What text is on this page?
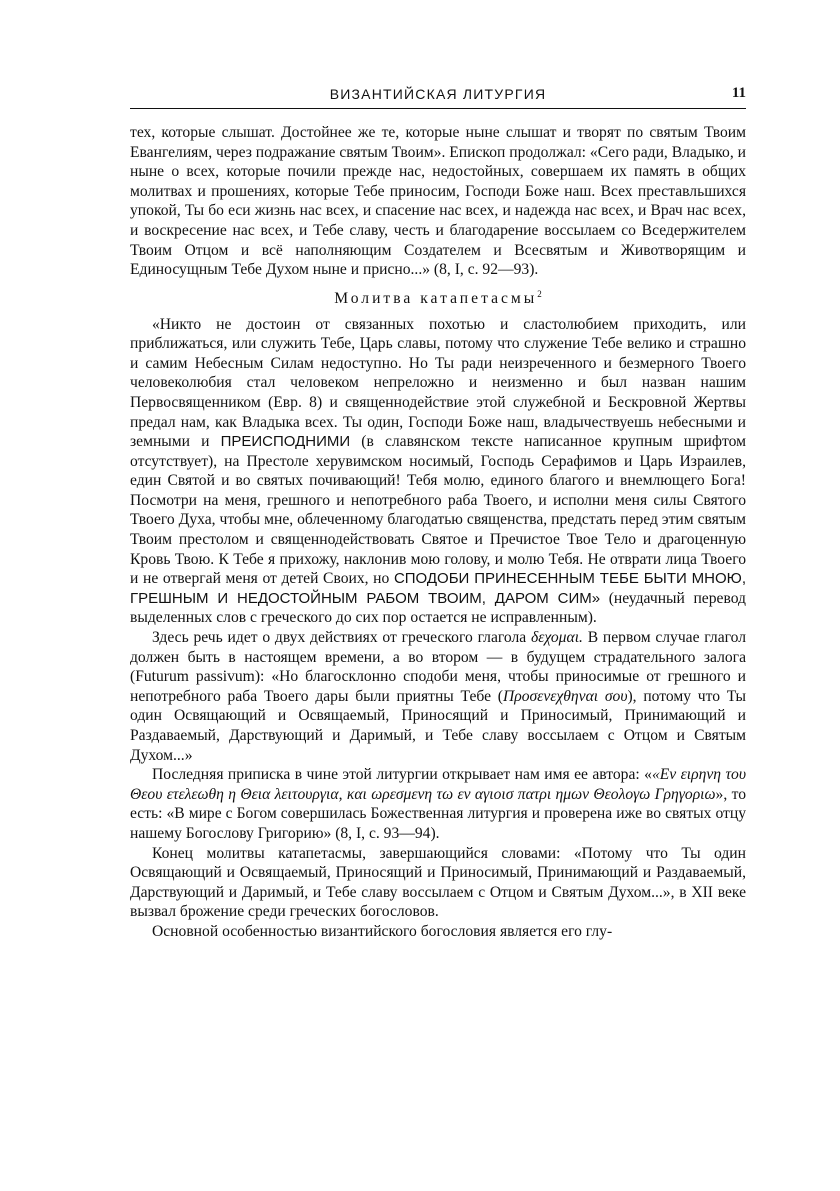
ВИЗАНТИЙСКАЯ ЛИТУРГИЯ	11

тех, которые слышат. Достойнее же те, которые ныне слышат и творят по святым Твоим Евангелиям, через подражание святым Твоим». Епископ продолжал: «Сего ради, Владыко, и ныне о всех, которые почили прежде нас, недостойных, совершаем их память в общих молитвах и прошениях, которые Тебе приносим, Господи Боже наш. Всех преставльшихся упокой, Ты бо еси жизнь нас всех, и спасение нас всех, и надежда нас всех, и Врач нас всех, и воскресение нас всех, и Тебе славу, честь и благодарение воссылаем со Вседержителем Твоим Отцом и всё наполняющим Создателем и Всесвятым и Животворящим и Единосущным Тебе Духом ныне и присно...» (8, I, с. 92—93).

Молитва катапетасмы$^2$

«Никто не достоин от связанных похотью и сластолюбием приходить, или приближаться, или служить Тебе, Царь славы, потому что служение Тебе велико и страшно и самим Небесным Силам недоступно. Но Ты ради неизреченного и безмерного Твоего человеколюбия стал человеком непреложно и неизменно и был назван нашим Первосвященником (Евр. 8) и священнодействие этой служебной и Бескровной Жертвы предал нам, как Владыка всех. Ты один, Господи Боже наш, владычествуешь небесными и земными и ПРЕИСПОДНИМИ (в славянском тексте написанное крупным шрифтом отсутствует), на Престоле херувимском носимый, Господь Серафимов и Царь Израилев, един Святой и во святых почивающий! Тебя молю, единого благого и внемлющего Бога! Посмотри на меня, грешного и непотребного раба Твоего, и исполни меня силы Святого Твоего Духа, чтобы мне, облеченному благодатью священства, предстать перед этим святым Твоим престолом и священнодействовать Святое и Пречистое Твое Тело и драгоценную Кровь Твою. К Тебе я прихожу, наклонив мою голову, и молю Тебя. Не отврати лица Твоего и не отвергай меня от детей Своих, но СПОДОБИ ПРИНЕСЕННЫМ ТЕБЕ БЫТИ МНОЮ, ГРЕШНЫМ И НЕДОСТОЙНЫМ РАБОМ ТВОИМ, ДАРОМ СИМ» (неудачный перевод выделенных слов с греческого до сих пор остается не исправленным).

Здесь речь идет о двух действиях от греческого глагола δεχομαι. В первом случае глагол должен быть в настоящем времени, а во втором — в будущем страдательного залога (Futurum passivum): «Но благосклонно сподоби меня, чтобы приносимые от грешного и непотребного раба Твоего дары были приятны Тебе (Προσενεχθηναι σου), потому что Ты один Освящающий и Освящаемый, Приносящий и Приносимый, Принимающий и Раздаваемый, Дарствующий и Даримый, и Тебе славу воссылаем с Отцом и Святым Духом...»

Последняя приписка в чине этой литургии открывает нам имя ее автора: ««Εν ειρηνη του Θεου ετελεωθη η Θεια λειτουργια, και ωρεσμενη τω εν αγιοισ πατρι ημων Θεολογω Γρηγοριω», то есть: «В мире с Богом совершилась Божественная литургия и проверена иже во святых отцу нашему Богослову Григорию» (8, I, с. 93—94).

Конец молитвы катапетасмы, завершающийся словами: «Потому что Ты один Освящающий и Освящаемый, Приносящий и Приносимый, Принимающий и Раздаваемый, Дарствующий и Даримый, и Тебе славу воссылаем с Отцом и Святым Духом...», в XII веке вызвал брожение среди греческих богословов.

Основной особенностью византийского богословия является его глу-
